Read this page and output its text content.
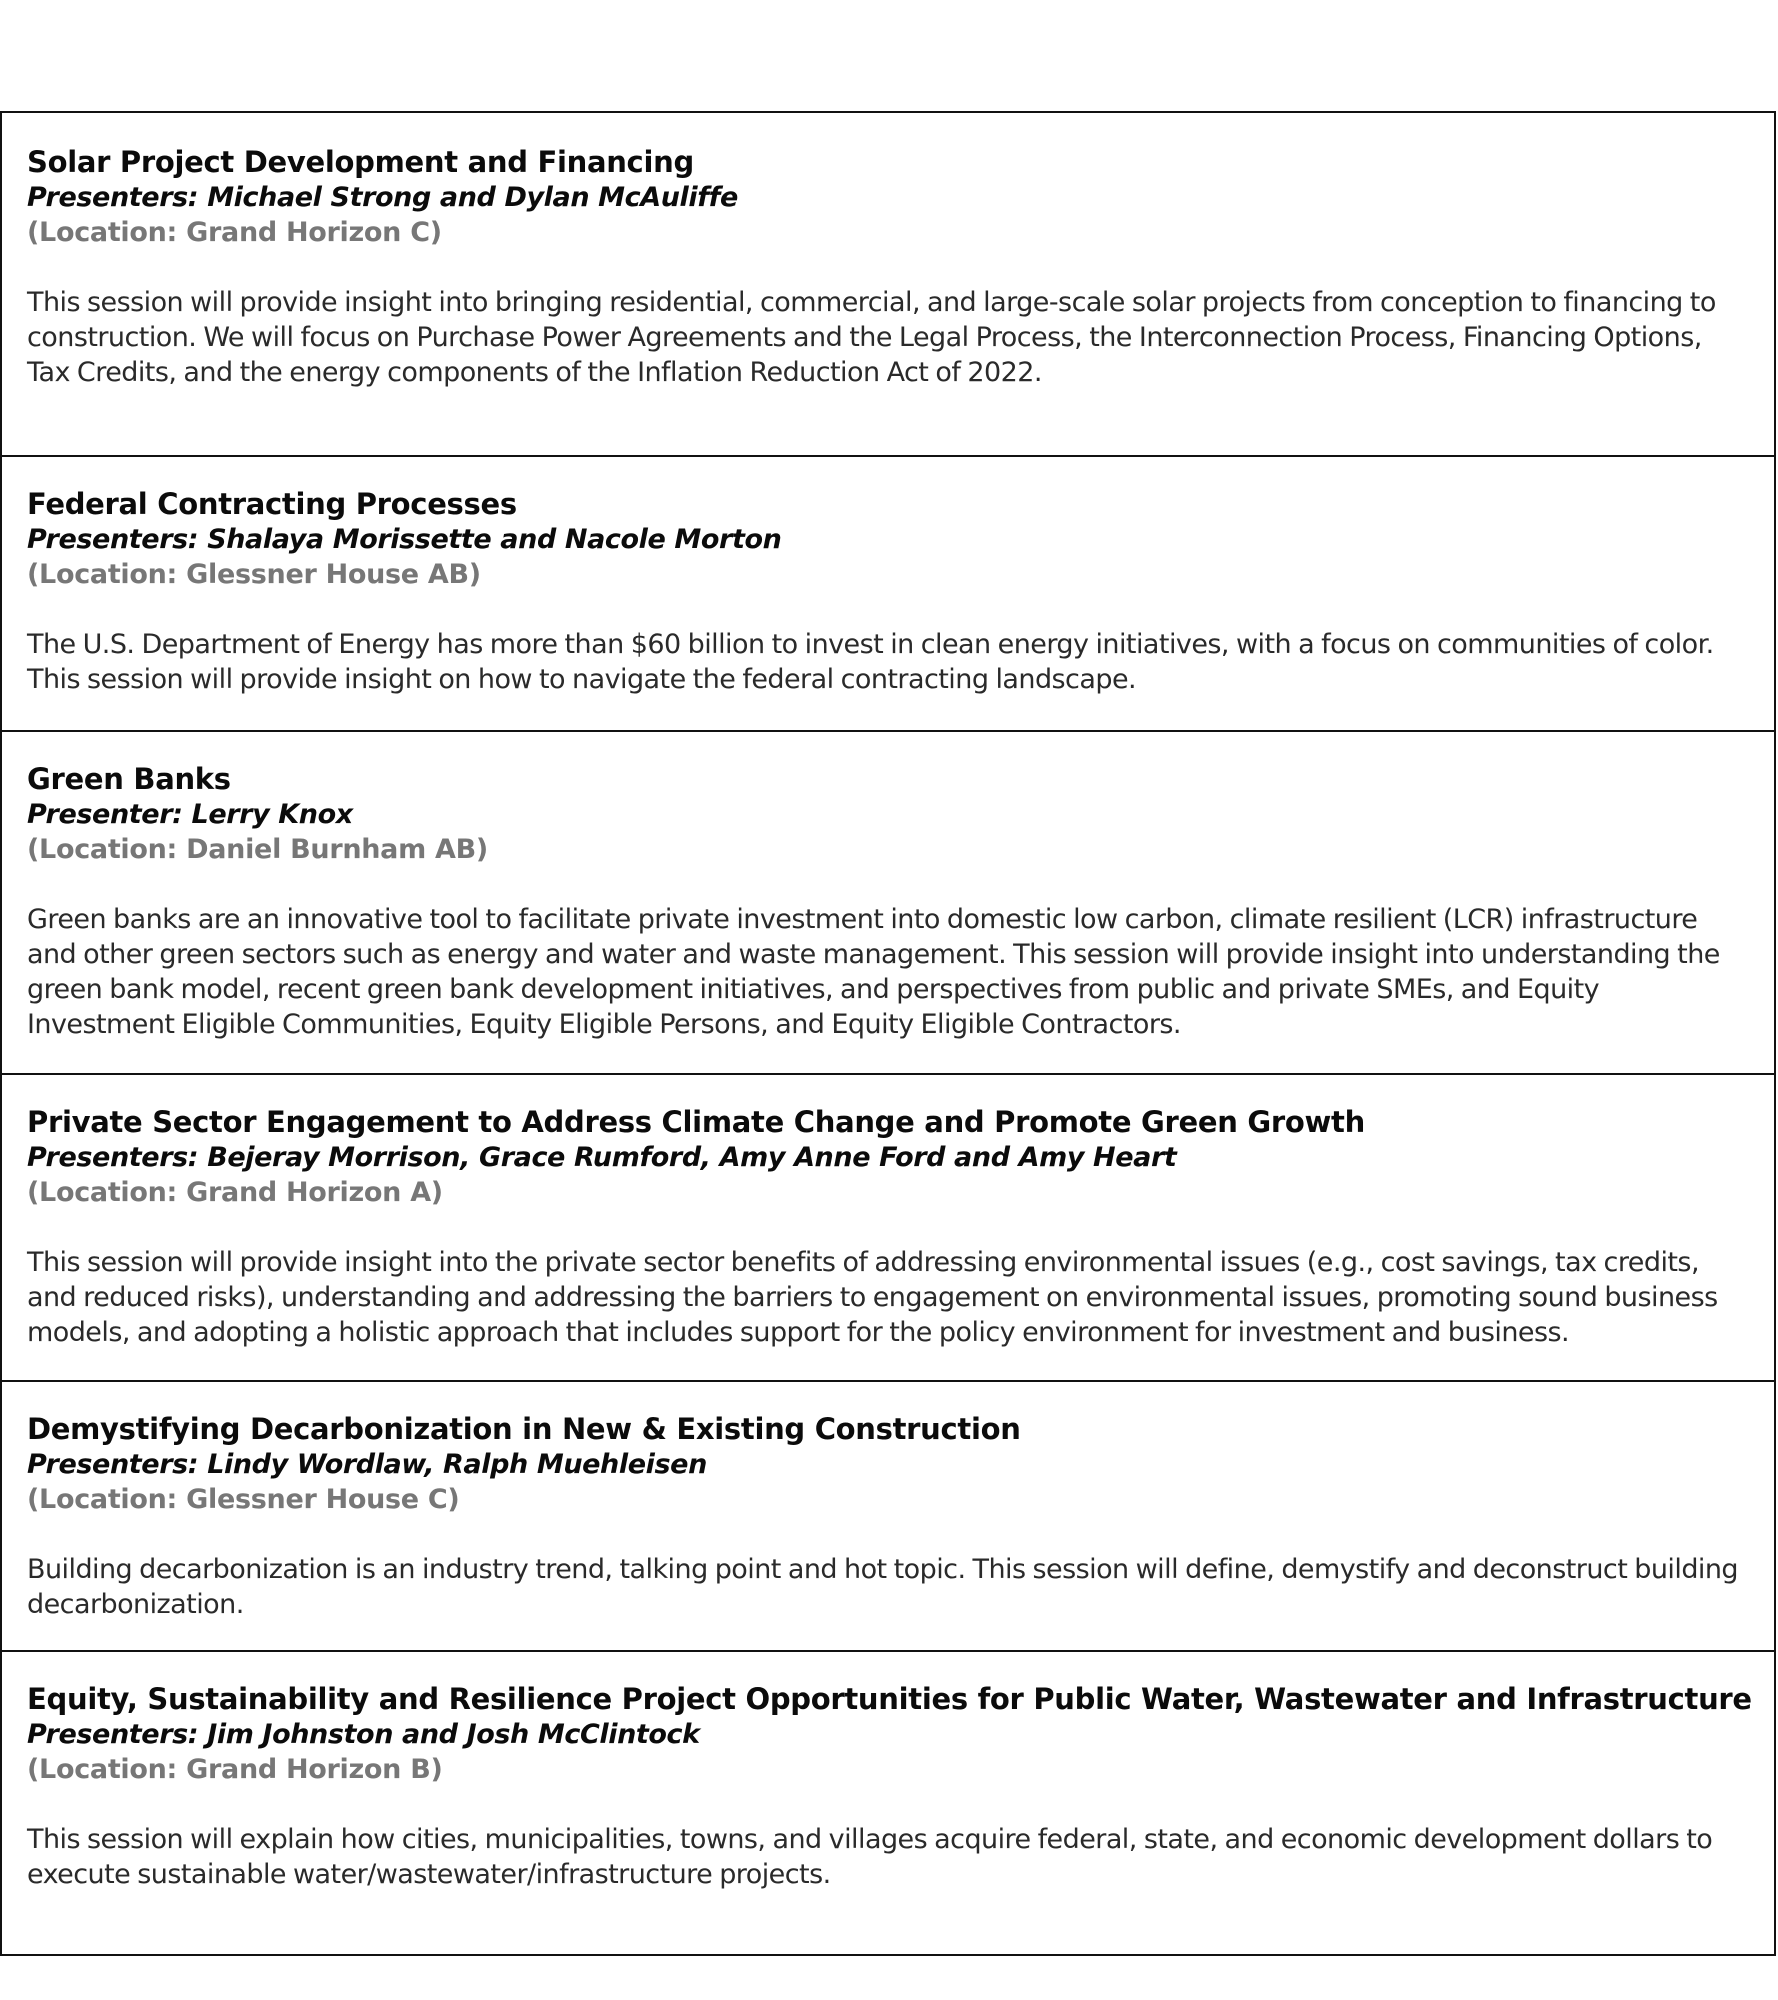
Solar Project Development and Financing
Presenters: Michael Strong and Dylan McAuliffe
(Location: Grand Horizon C)
This session will provide insight into bringing residential, commercial, and large-scale solar projects from conception to financing to construction. We will focus on Purchase Power Agreements and the Legal Process, the Interconnection Process, Financing Options, Tax Credits, and the energy components of the Inflation Reduction Act of 2022.
Federal Contracting Processes
Presenters: Shalaya Morissette and Nacole Morton
(Location: Glessner House AB)
The U.S. Department of Energy has more than $60 billion to invest in clean energy initiatives, with a focus on communities of color. This session will provide insight on how to navigate the federal contracting landscape.
Green Banks
Presenter: Lerry Knox
(Location: Daniel Burnham AB)
Green banks are an innovative tool to facilitate private investment into domestic low carbon, climate resilient (LCR) infrastructure and other green sectors such as energy and water and waste management. This session will provide insight into understanding the green bank model, recent green bank development initiatives, and perspectives from public and private SMEs, and Equity Investment Eligible Communities, Equity Eligible Persons, and Equity Eligible Contractors.
Private Sector Engagement to Address Climate Change and Promote Green Growth
Presenters: Bejeray Morrison, Grace Rumford, Amy Anne Ford and Amy Heart
(Location: Grand Horizon A)
This session will provide insight into the private sector benefits of addressing environmental issues (e.g., cost savings, tax credits, and reduced risks), understanding and addressing the barriers to engagement on environmental issues, promoting sound business models, and adopting a holistic approach that includes support for the policy environment for investment and business.
Demystifying Decarbonization in New & Existing Construction
Presenters: Lindy Wordlaw, Ralph Muehleisen
(Location: Glessner House C)
Building decarbonization is an industry trend, talking point and hot topic. This session will define, demystify and deconstruct building decarbonization.
Equity, Sustainability and Resilience Project Opportunities for Public Water, Wastewater and Infrastructure
Presenters: Jim Johnston and Josh McClintock
(Location: Grand Horizon B)
This session will explain how cities, municipalities, towns, and villages acquire federal, state, and economic development dollars to execute sustainable water/wastewater/infrastructure projects.
